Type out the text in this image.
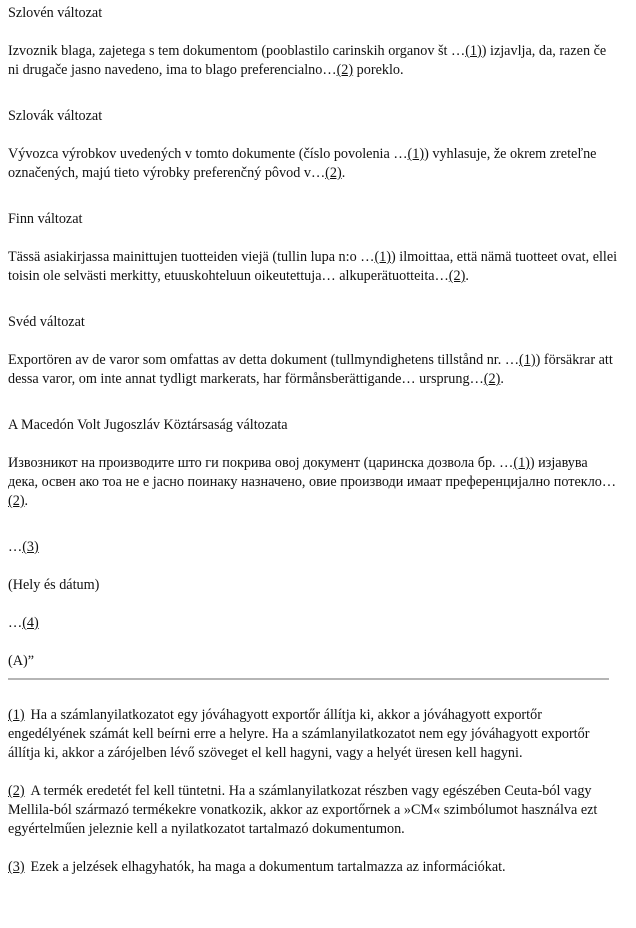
Szlovén változat

Izvoznik blaga, zajetega s tem dokumentom (pooblastilo carinskih organov št …(1)) izjavlja, da, razen če ni drugače jasno navedeno, ima to blago preferencialno…(2) poreklo.

Szlovák változat

Vývozca výrobkov uvedených v tomto dokumente (číslo povolenia …(1)) vyhlasuje, že okrem zreteľne označených, majú tieto výrobky preferenčný pôvod v…(2).

Finn változat

Tässä asiakirjassa mainittujen tuotteiden viejä (tullin lupa n:o …(1)) ilmoittaa, että nämä tuotteet ovat, ellei toisin ole selvästi merkitty, etuuskohteluun oikeutettuja… alkuperätuotteita…(2).

Svéd változat

Exportören av de varor som omfattas av detta dokument (tullmyndighetens tillstånd nr. …(1)) försäkrar att dessa varor, om inte annat tydligt markerats, har förmånsberättigande… ursprung…(2).

A Macedón Volt Jugoszláv Köztársaság változata

Извозникот на производите што ги покрива овој документ (царинска дозвола бр. …(1)) изјавува дека, освен ако тоа не е јасно поинаку назначено, овие производи имаат преференцијално потекло…(2).

…(3)

(Hely és dátum)

…(4)

(A)”

(1) Ha a számlanyilatkozatot egy jóváhagyott exportőr állítja ki, akkor a jóváhagyott exportőr engedélyének számát kell beírni erre a helyre. Ha a számlanyilatkozatot nem egy jóváhagyott exportőr állítja ki, akkor a zárójelben lévő szöveget el kell hagyni, vagy a helyét üresen kell hagyni.

(2) A termék eredetét fel kell tüntetni. Ha a számlanyilatkozat részben vagy egészében Ceuta-ból vagy Mellila-ból származó termékekre vonatkozik, akkor az exportőrnek a »CM« szimbólumot használva ezt egyértelműen jeleznie kell a nyilatkozatot tartalmazó dokumentumon.

(3) Ezek a jelzések elhagyhatók, ha maga a dokumentum tartalmazza az információkat.
